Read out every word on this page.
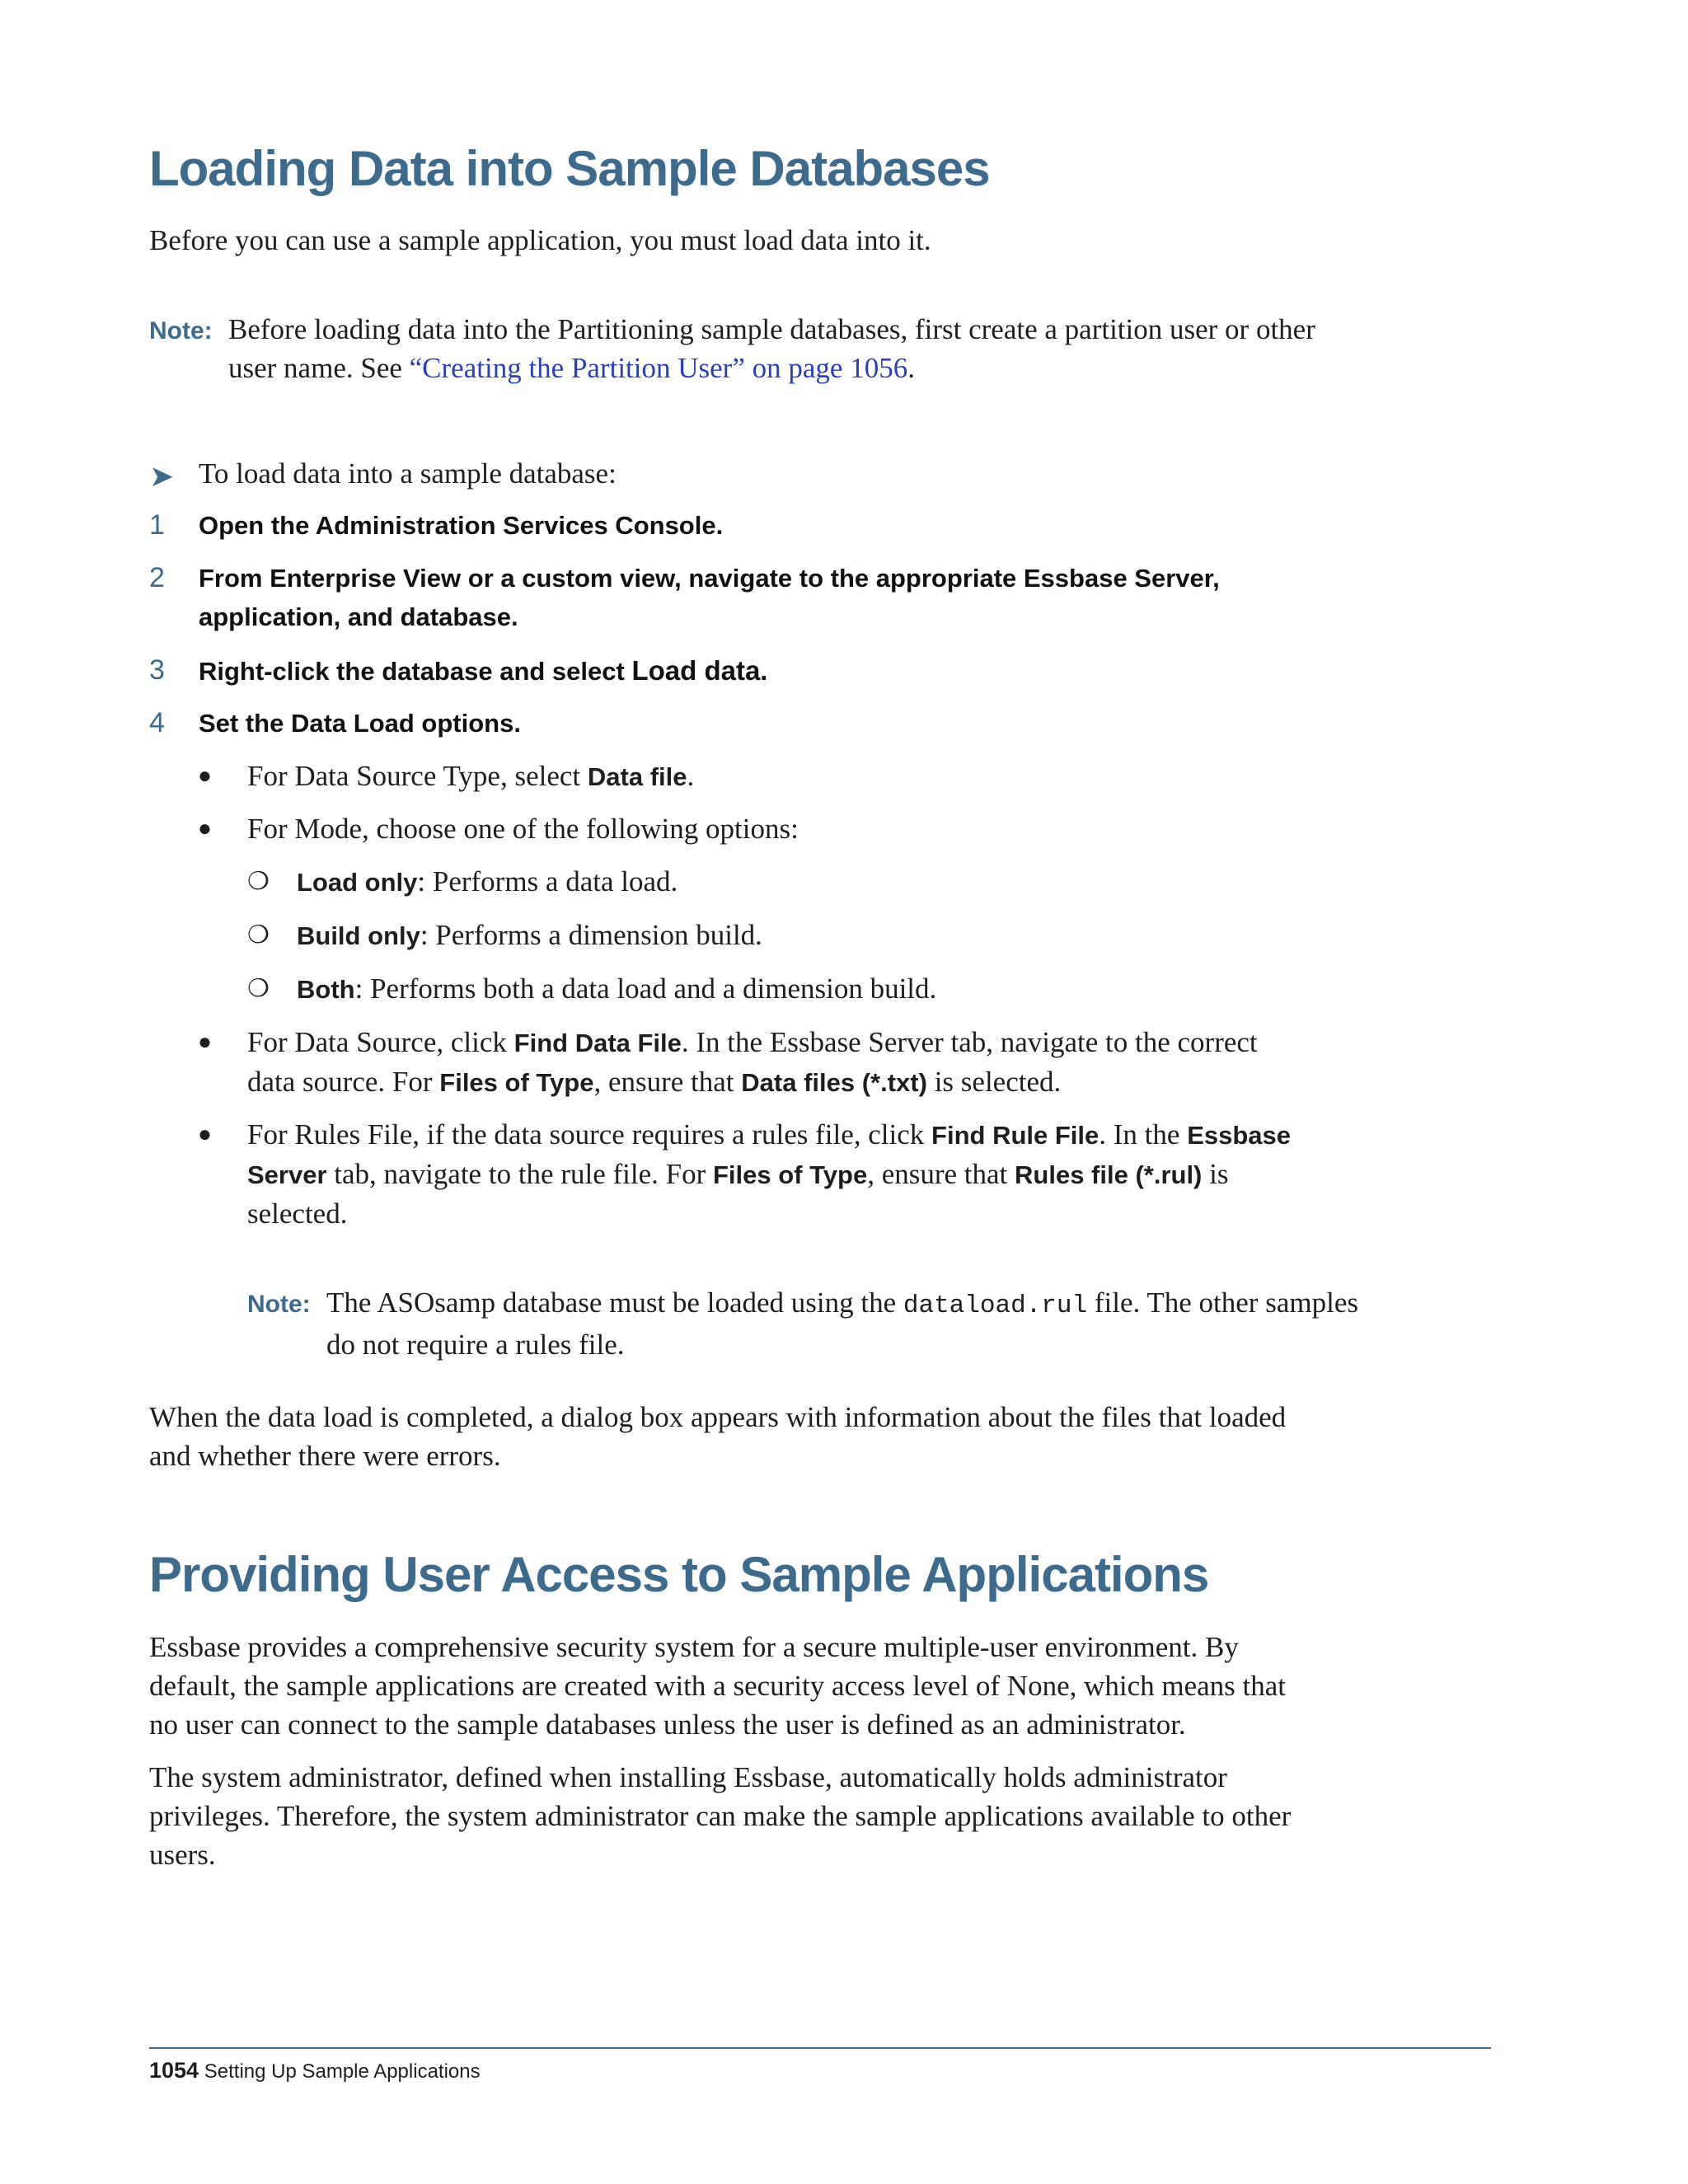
Loading Data into Sample Databases

Before you can use a sample application, you must load data into it.

Note: Before loading data into the Partitioning sample databases, first create a partition user or other user name. See “Creating the Partition User” on page 1056.
➤ To load data into a sample database:
1 Open the Administration Services Console.
2 From Enterprise View or a custom view, navigate to the appropriate Essbase Server, application, and database.
3 Right-click the database and select Load data.
4 Set the Data Load options.
● For Data Source Type, select Data file.
● For Mode, choose one of the following options:
❍ Load only: Performs a data load.
❍ Build only: Performs a dimension build.
❍ Both: Performs both a data load and a dimension build.
● For Data Source, click Find Data File. In the Essbase Server tab, navigate to the correct data source. For Files of Type, ensure that Data files (*.txt) is selected.
● For Rules File, if the data source requires a rules file, click Find Rule File. In the Essbase Server tab, navigate to the rule file. For Files of Type, ensure that Rules file (*.rul) is selected.
Note: The ASOsamp database must be loaded using the dataload.rul file. The other samples do not require a rules file.

When the data load is completed, a dialog box appears with information about the files that loaded and whether there were errors.

Providing User Access to Sample Applications

Essbase provides a comprehensive security system for a secure multiple-user environment. By default, the sample applications are created with a security access level of None, which means that no user can connect to the sample databases unless the user is defined as an administrator.

The system administrator, defined when installing Essbase, automatically holds administrator privileges. Therefore, the system administrator can make the sample applications available to other users.

1054 Setting Up Sample Applications
